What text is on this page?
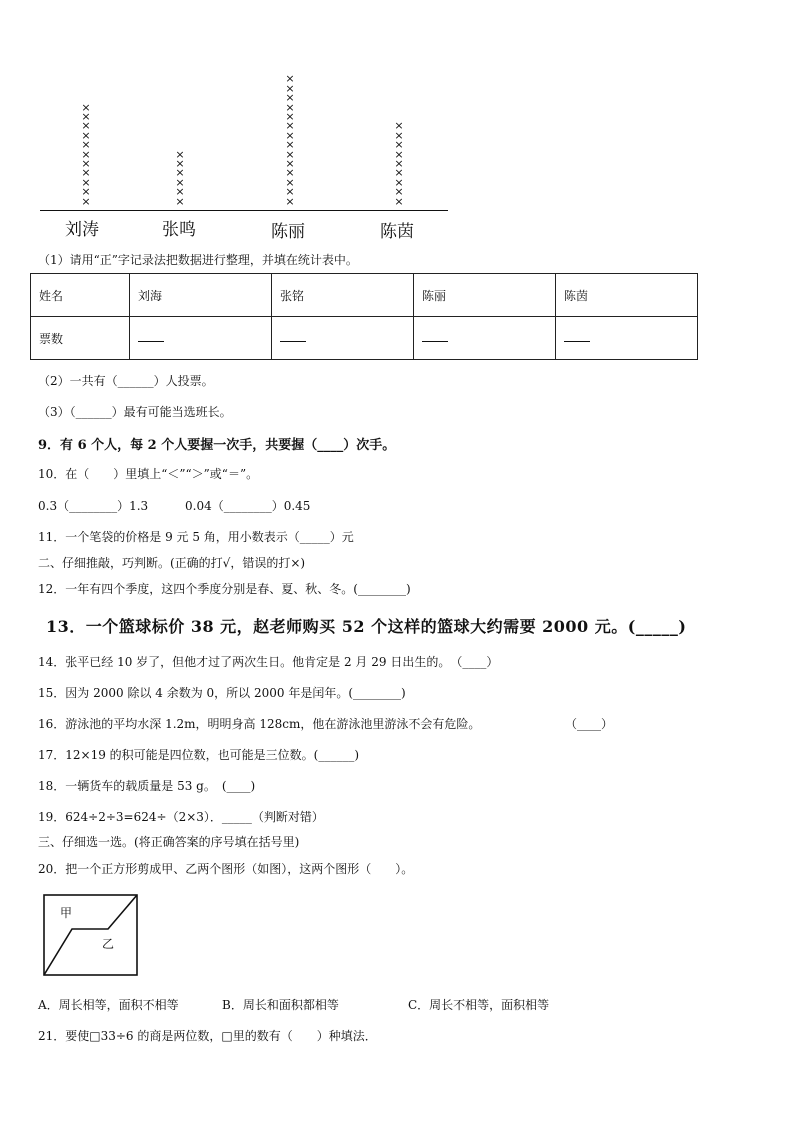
×
×
×
×
×
×
×
×
×
×
×
×
×
×
×
×
×
×
×
×
×
×
×
×
×
×
×
×
×
×
×
×
×
×
×
×
×
×
×
×
刘涛	张鸣	陈丽	陈茵
（1）请用“正”字记录法把数据进行整理，并填在统计表中。
姓名	刘海	张铭	陈丽	陈茵
票数				
（2）一共有（______）人投票。
（3）（______）最有可能当选班长。
9．有 6 个人，每 2 个人要握一次手，共要握（____）次手。
10．在（　　）里填上“＜”“＞”或“＝”。
0.3（________）1.3	0.04（________）0.45
11．一个笔袋的价格是 9 元 5 角，用小数表示（_____）元
二、仔细推敲，巧判断。(正确的打√，错误的打×)
12．一年有四个季度，这四个季度分别是春、夏、秋、冬。(________)
13．一个篮球标价 38 元，赵老师购买 52 个这样的篮球大约需要 2000 元。(_____)
14．张平已经 10 岁了，但他才过了两次生日。他肯定是 2 月 29 日出生的。　（____）
15．因为 2000 除以 4 余数为 0，所以 2000 年是闰年。(________)
16．游泳池的平均水深 1.2m，明明身高 128cm，他在游泳池里游泳不会有危险。	（____）
17．12×19 的积可能是四位数，也可能是三位数。(______)
18．一辆货车的载质量是 53 g。　(____)
19．624÷2÷3=624÷（2×3）．_____（判断对错）
三、仔细选一选。(将正确答案的序号填在括号里)
20．把一个正方形剪成甲、乙两个图形（如图），这两个图形（　　）。
甲
乙
A．周长相等，面积不相等	B．周长和面积都相等	C．周长不相等，面积相等
21．要使□33÷6 的商是两位数，□里的数有（　　）种填法．
